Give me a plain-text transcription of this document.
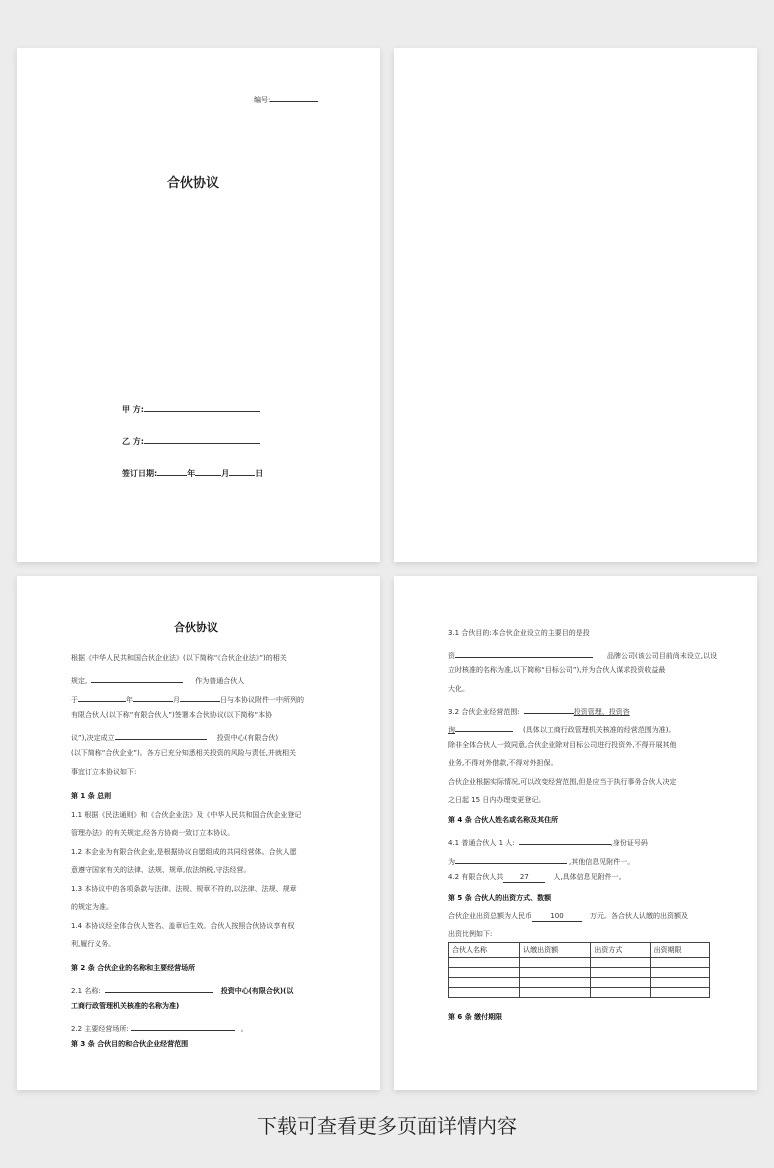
编号:
合伙协议
甲 方:
乙 方:
签订日期:	年	月	日
合伙协议
根据《中华人民共和国合伙企业法》(以下简称“《合伙企业法》”)的相关
规定,	作为普通合伙人
于	年	月	日与本协议附件一中所列的
有限合伙人(以下称“有限合伙人”)签署本合伙协议(以下简称“本协
议”),决定成立	投资中心(有限合伙)
(以下简称“合伙企业”)。各方已充分知悉相关投资的风险与责任,并就相关
事宜订立本协议如下:
第 1 条 总则
1.1 根据《民法通则》和《合伙企业法》及《中华人民共和国合伙企业登记
管理办法》的有关规定,经各方协商一致订立本协议。
1.2 本企业为有限合伙企业,是根据协议自愿组成的共同经营体。合伙人愿
意遵守国家有关的法律、法规、规章,依法纳税,守法经营。
1.3 本协议中的各项条款与法律、法规、规章不符的,以法律、法规、规章
的规定为准。
1.4 本协议经全体合伙人签名、盖章后生效。合伙人按照合伙协议享有权
利,履行义务。
第 2 条 合伙企业的名称和主要经营场所
2.1 名称:	投资中心(有限合伙)(以
工商行政管理机关核准的名称为准)
2.2 主要经营场所:	。
第 3 条 合伙目的和合伙企业经营范围
3.1 合伙目的:本合伙企业设立的主要目的是投
资	品牌公司(该公司目前尚未设立,以设
立时核准的名称为准,以下简称“目标公司”),并为合伙人谋求投资收益最
大化。
3.2 合伙企业经营范围:	投资管理、投资咨
询	(具体以工商行政管理机关核准的经营范围为准)。
除非全体合伙人一致同意,合伙企业除对目标公司进行投资外,不得开展其他
业务,不得对外借款,不得对外担保。
合伙企业根据实际情况,可以改变经营范围,但是应当于执行事务合伙人决定
之日起 15 日内办理变更登记。
第 4 条 合伙人姓名或名称及其住所
4.1 普通合伙人 1 人:	,身份证号码
为	,其他信息见附件一。
4.2 有限合伙人共 27	人,具体信息见附件一。
第 5 条 合伙人的出资方式、数额
合伙企业出资总额为人民币	100	万元。各合伙人认缴的出资额及
出资比例如下:
合伙人名称	认缴出资额	出资方式	出资期限

第 6 条 缴付期限
下载可查看更多页面详情内容
